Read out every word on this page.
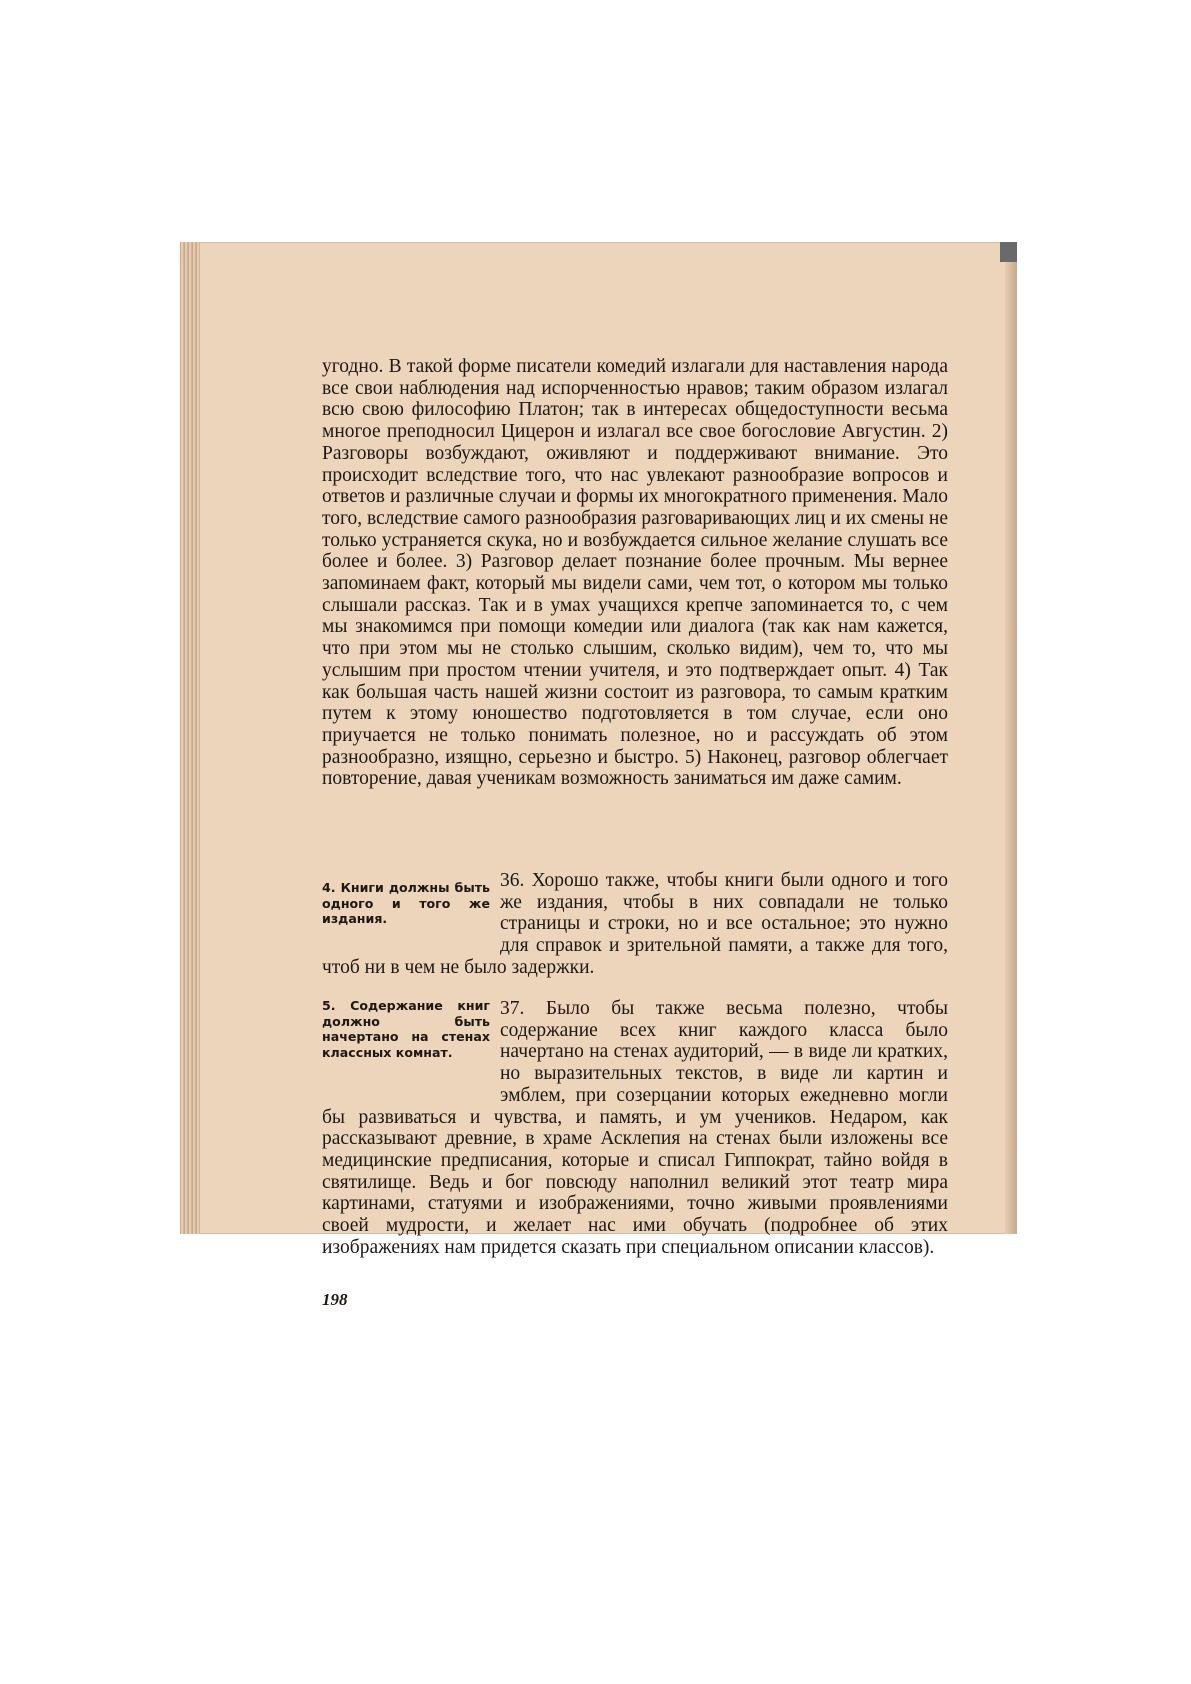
угодно. В такой форме писатели комедий излагали для наставления народа все свои наблюдения над испорченностью нравов; таким образом излагал всю свою философию Платон; так в интересах общедоступности весьма многое преподносил Цицерон и излагал все свое богословие Августин. 2) Разговоры возбуждают, оживляют и поддерживают внимание. Это происходит вследствие того, что нас увлекают разнообразие вопросов и ответов и различные случаи и формы их многократного применения. Мало того, вследствие самого разнообразия разговаривающих лиц и их смены не только устраняется скука, но и возбуждается сильное желание слушать все более и более. 3) Разговор делает познание более прочным. Мы вернее запоминаем факт, который мы видели сами, чем тот, о котором мы только слышали рассказ. Так и в умах учащихся крепче запоминается то, с чем мы знакомимся при помощи комедии или диалога (так как нам кажется, что при этом мы не столько слышим, сколько видим), чем то, что мы услышим при простом чтении учителя, и это подтверждает опыт. 4) Так как большая часть нашей жизни состоит из разговора, то самым кратким путем к этому юношество подготовляется в том случае, если оно приучается не только понимать полезное, но и рассуждать об этом разнообразно, изящно, серьезно и быстро. 5) Наконец, разговор облегчает повторение, давая ученикам возможность заниматься им даже самим.

4. Книги должны быть одного и того же издания.

36. Хорошо также, чтобы книги были одного и того же издания, чтобы в них совпадали не только страницы и строки, но и все остальное; это нужно для справок и зрительной памяти, а также для того, чтоб ни в чем не было задержки.

5. Содержание книг должно быть начертано на стенах классных комнат.

37. Было бы также весьма полезно, чтобы содержание всех книг каждого класса было начертано на стенах аудиторий, — в виде ли кратких, но выразительных текстов, в виде ли картин и эмблем, при созерцании которых ежедневно могли бы развиваться и чувства, и память, и ум учеников. Недаром, как рассказывают древние, в храме Асклепия на стенах были изложены все медицинские предписания, которые и списал Гиппократ, тайно войдя в святилище. Ведь и бог повсюду наполнил великий этот театр мира картинами, статуями и изображениями, точно живыми проявлениями своей мудрости, и желает нас ими обучать (подробнее об этих изображениях нам придется сказать при специальном описании классов).

198
